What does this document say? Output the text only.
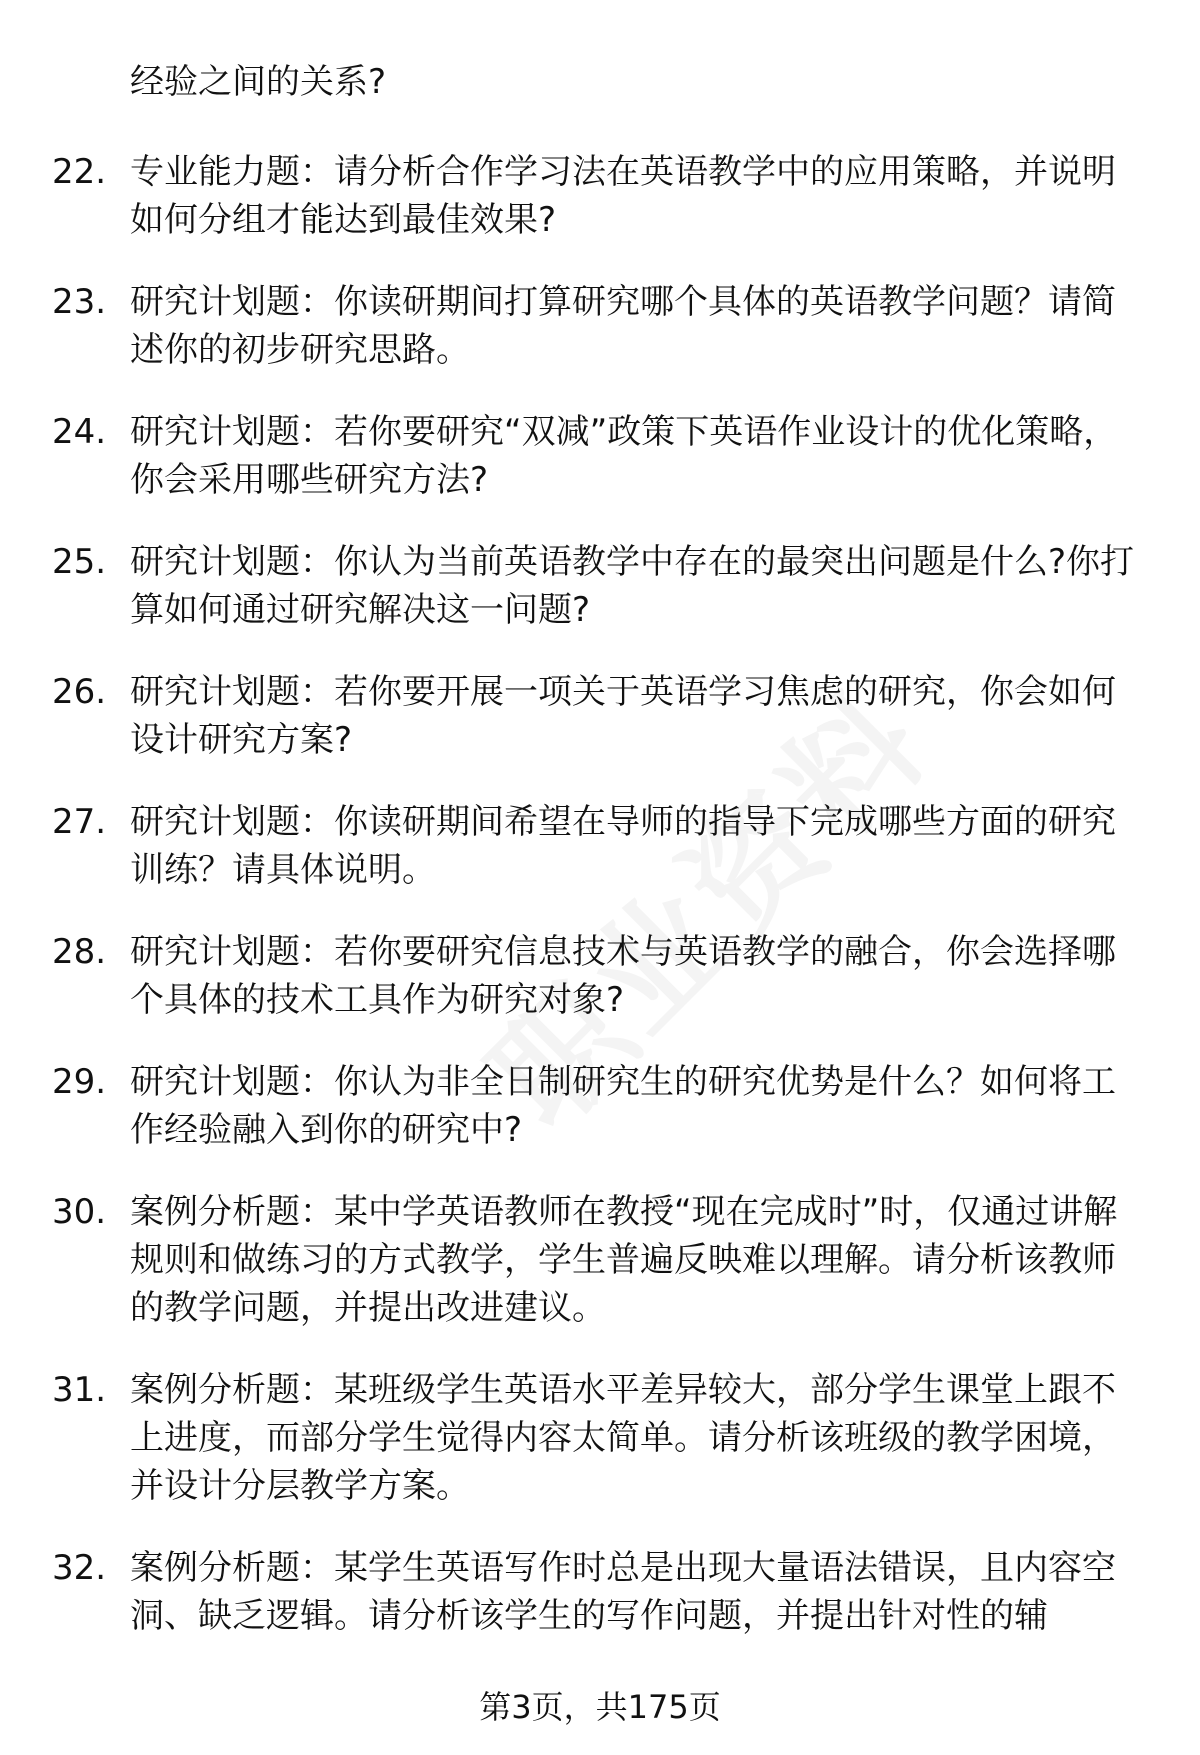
经验之间的关系?
22. 专业能力题：请分析合作学习法在英语教学中的应用策略，并说明如何分组才能达到最佳效果?
23. 研究计划题：你读研期间打算研究哪个具体的英语教学问题？请简述你的初步研究思路。
24. 研究计划题：若你要研究“双减”政策下英语作业设计的优化策略，你会采用哪些研究方法?
25. 研究计划题：你认为当前英语教学中存在的最突出问题是什么?你打算如何通过研究解决这一问题?
26. 研究计划题：若你要开展一项关于英语学习焦虑的研究，你会如何设计研究方案?
27. 研究计划题：你读研期间希望在导师的指导下完成哪些方面的研究训练？请具体说明。
28. 研究计划题：若你要研究信息技术与英语教学的融合，你会选择哪个具体的技术工具作为研究对象?
29. 研究计划题：你认为非全日制研究生的研究优势是什么？如何将工作经验融入到你的研究中?
30. 案例分析题：某中学英语教师在教授“现在完成时”时，仅通过讲解规则和做练习的方式教学，学生普遍反映难以理解。请分析该教师的教学问题，并提出改进建议。
31. 案例分析题：某班级学生英语水平差异较大，部分学生课堂上跟不上进度，而部分学生觉得内容太简单。请分析该班级的教学困境，并设计分层教学方案。
32. 案例分析题：某学生英语写作时总是出现大量语法错误，且内容空洞、缺乏逻辑。请分析该学生的写作问题，并提出针对性的辅
第3页，共175页
